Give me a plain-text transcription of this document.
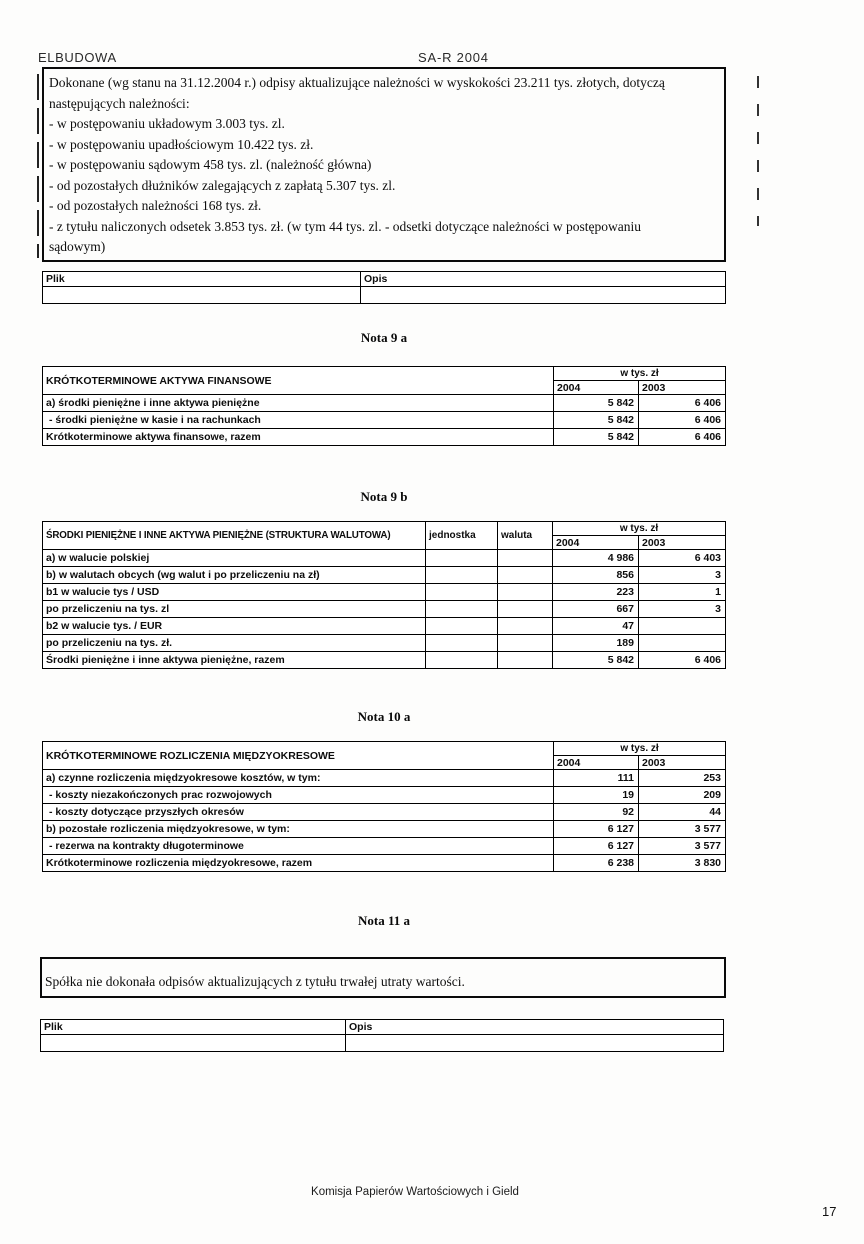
ELBUDOWA	SA-R 2004
Dokonane (wg stanu na 31.12.2004 r.) odpisy aktualizujące należności w wyskokości 23.211 tys. złotych, dotyczą
następujących należności:
- w postępowaniu układowym 3.003 tys. zl.
- w postępowaniu upadłościowym 10.422 tys. zł.
- w postępowaniu sądowym 458 tys. zl. (należność główna)
- od pozostałych dłużników zalegających z zapłatą 5.307 tys. zl.
- od pozostałych należności 168 tys. zł.
- z tytułu naliczonych odsetek 3.853 tys. zł. (w tym 44 tys. zl. - odsetki dotyczące należności w postępowaniu
sądowym)
Plik	Opis

Nota 9 a
KRÓTKOTERMINOWE AKTYWA FINANSOWE	w tys. zł	
	2004	2003
a) środki pieniężne i inne aktywa pieniężne	5 842	6 406
- środki pieniężne w kasie i na rachunkach	5 842	6 406
Krótkoterminowe aktywa finansowe, razem	5 842	6 406
Nota 9 b
ŚRODKI PIENIĘŻNE I INNE AKTYWA PIENIĘŻNE (STRUKTURA WALUTOWA)	jednostka	waluta	w tys. zł	
			2004	2003
a) w walucie polskiej			4 986	6 403
b) w walutach obcych (wg walut i po przeliczeniu na zł)			856	3
b1 w walucie tys / USD			223	1
po przeliczeniu na tys. zl			667	3
b2 w walucie tys. / EUR			47	
po przeliczeniu na tys. zł.			189	
Środki pieniężne i inne aktywa pieniężne, razem			5 842	6 406
Nota 10 a
KRÓTKOTERMINOWE ROZLICZENIA MIĘDZYOKRESOWE	w tys. zł	
	2004	2003
a) czynne rozliczenia międzyokresowe kosztów, w tym:	111	253
- koszty niezakończonych prac rozwojowych	19	209
- koszty dotyczące przyszłych okresów	92	44
b) pozostałe rozliczenia międzyokresowe, w tym:	6 127	3 577
- rezerwa na kontrakty długoterminowe	6 127	3 577
Krótkoterminowe rozliczenia międzyokresowe, razem	6 238	3 830
Nota 11 a
Spółka nie dokonała odpisów aktualizujących z tytułu trwałej utraty wartości.
Plik	Opis

Komisja Papierów Wartościowych i Gield
17
